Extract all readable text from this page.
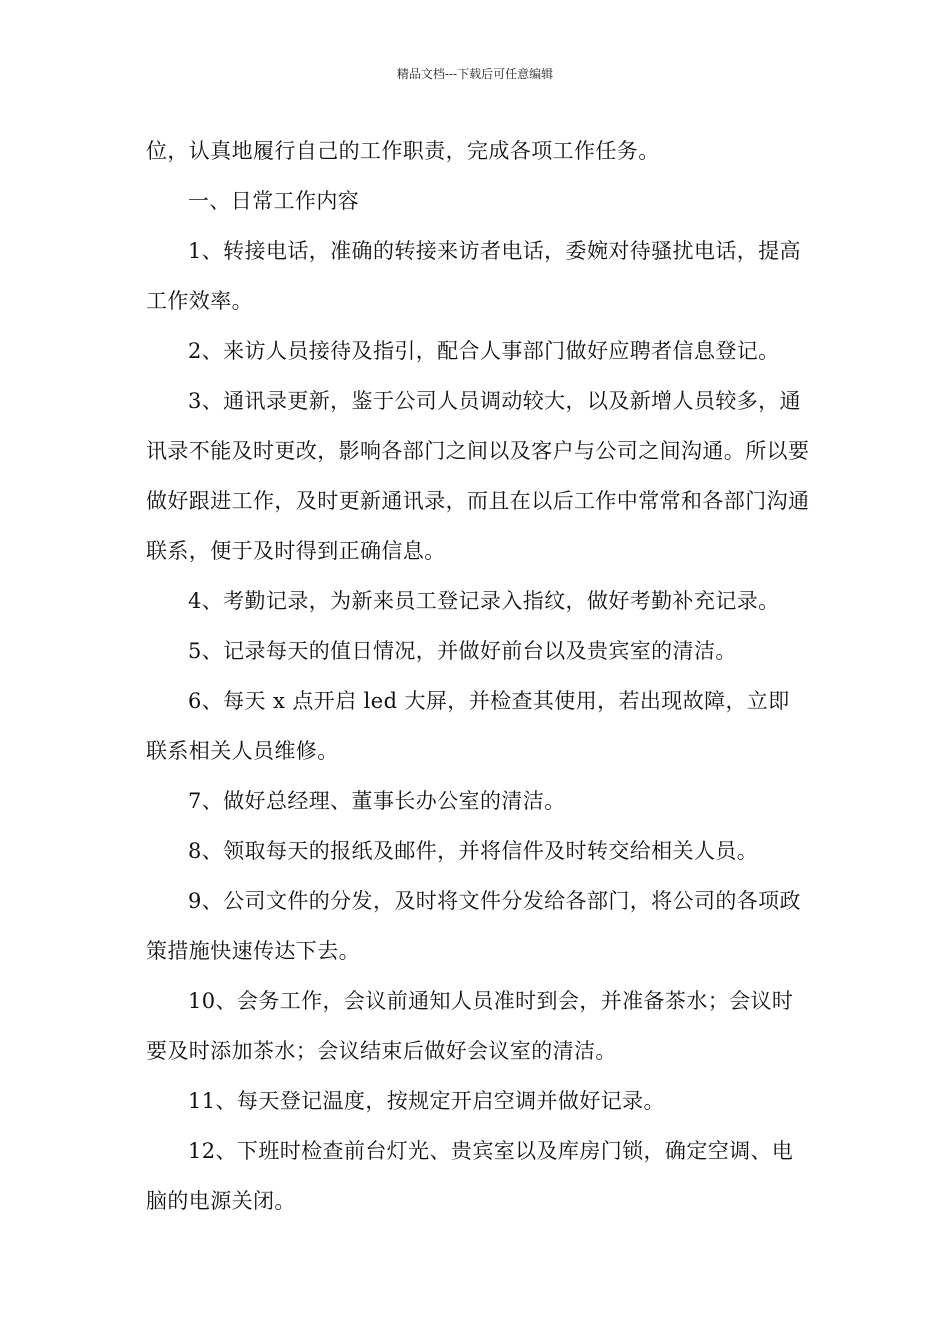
精品文档---下载后可任意编辑

位，认真地履行自己的工作职责，完成各项工作任务。

一、日常工作内容

1、转接电话，准确的转接来访者电话，委婉对待骚扰电话，提高工作效率。

2、来访人员接待及指引，配合人事部门做好应聘者信息登记。

3、通讯录更新，鉴于公司人员调动较大，以及新增人员较多，通讯录不能及时更改，影响各部门之间以及客户与公司之间沟通。所以要做好跟进工作，及时更新通讯录，而且在以后工作中常常和各部门沟通联系，便于及时得到正确信息。

4、考勤记录，为新来员工登记录入指纹，做好考勤补充记录。

5、记录每天的值日情况，并做好前台以及贵宾室的清洁。

6、每天 x 点开启 led 大屏，并检查其使用，若出现故障，立即联系相关人员维修。

7、做好总经理、董事长办公室的清洁。

8、领取每天的报纸及邮件，并将信件及时转交给相关人员。

9、公司文件的分发，及时将文件分发给各部门，将公司的各项政策措施快速传达下去。

10、会务工作，会议前通知人员准时到会，并准备茶水；会议时要及时添加茶水；会议结束后做好会议室的清洁。

11、每天登记温度，按规定开启空调并做好记录。

12、下班时检查前台灯光、贵宾室以及库房门锁，确定空调、电脑的电源关闭。
